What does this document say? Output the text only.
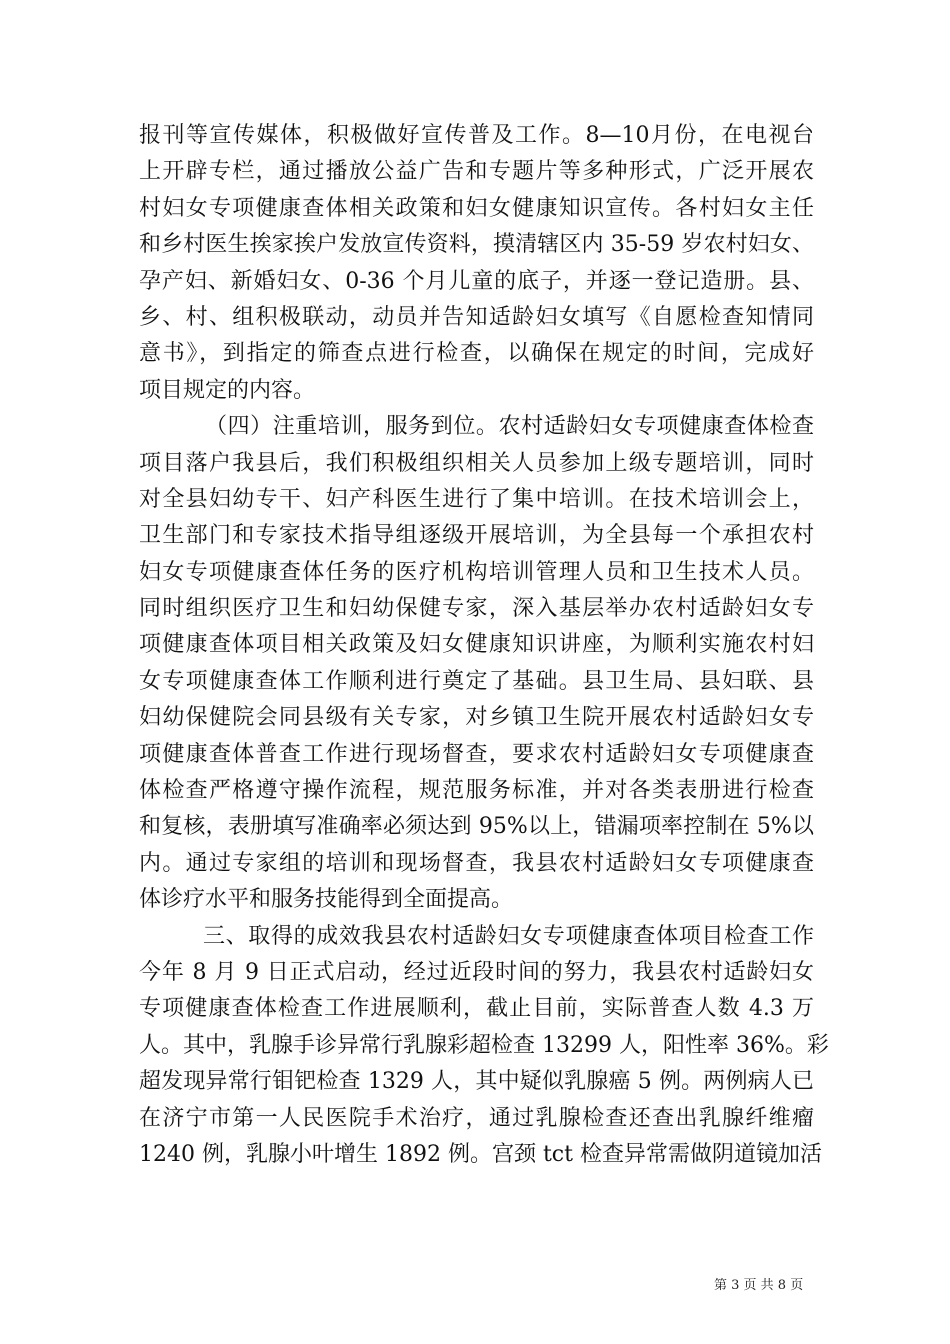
报刊等宣传媒体，积极做好宣传普及工作。8—10月份，在电视台
上开辟专栏，通过播放公益广告和专题片等多种形式，广泛开展农
村妇女专项健康查体相关政策和妇女健康知识宣传。各村妇女主任
和乡村医生挨家挨户发放宣传资料，摸清辖区内 35-59 岁农村妇女、
孕产妇、新婚妇女、0-36 个月儿童的底子，并逐一登记造册。县、
乡、村、组积极联动，动员并告知适龄妇女填写《自愿检查知情同
意书》，到指定的筛查点进行检查，以确保在规定的时间，完成好
项目规定的内容。
（四）注重培训，服务到位。农村适龄妇女专项健康查体检查
项目落户我县后，我们积极组织相关人员参加上级专题培训，同时
对全县妇幼专干、妇产科医生进行了集中培训。在技术培训会上，
卫生部门和专家技术指导组逐级开展培训，为全县每一个承担农村
妇女专项健康查体任务的医疗机构培训管理人员和卫生技术人员。
同时组织医疗卫生和妇幼保健专家，深入基层举办农村适龄妇女专
项健康查体项目相关政策及妇女健康知识讲座，为顺利实施农村妇
女专项健康查体工作顺利进行奠定了基础。县卫生局、县妇联、县
妇幼保健院会同县级有关专家，对乡镇卫生院开展农村适龄妇女专
项健康查体普查工作进行现场督查，要求农村适龄妇女专项健康查
体检查严格遵守操作流程，规范服务标准，并对各类表册进行检查
和复核，表册填写准确率必须达到 95%以上，错漏项率控制在 5%以
内。通过专家组的培训和现场督查，我县农村适龄妇女专项健康查
体诊疗水平和服务技能得到全面提高。
三、取得的成效我县农村适龄妇女专项健康查体项目检查工作
今年 8 月 9 日正式启动，经过近段时间的努力，我县农村适龄妇女
专项健康查体检查工作进展顺利，截止目前，实际普查人数 4.3 万
人。其中，乳腺手诊异常行乳腺彩超检查 13299 人，阳性率 36%。彩
超发现异常行钼钯检查 1329 人，其中疑似乳腺癌 5 例。两例病人已
在济宁市第一人民医院手术治疗，通过乳腺检查还查出乳腺纤维瘤
1240 例，乳腺小叶增生 1892 例。宫颈 tct 检查异常需做阴道镜加活
第 3 页 共 8 页
